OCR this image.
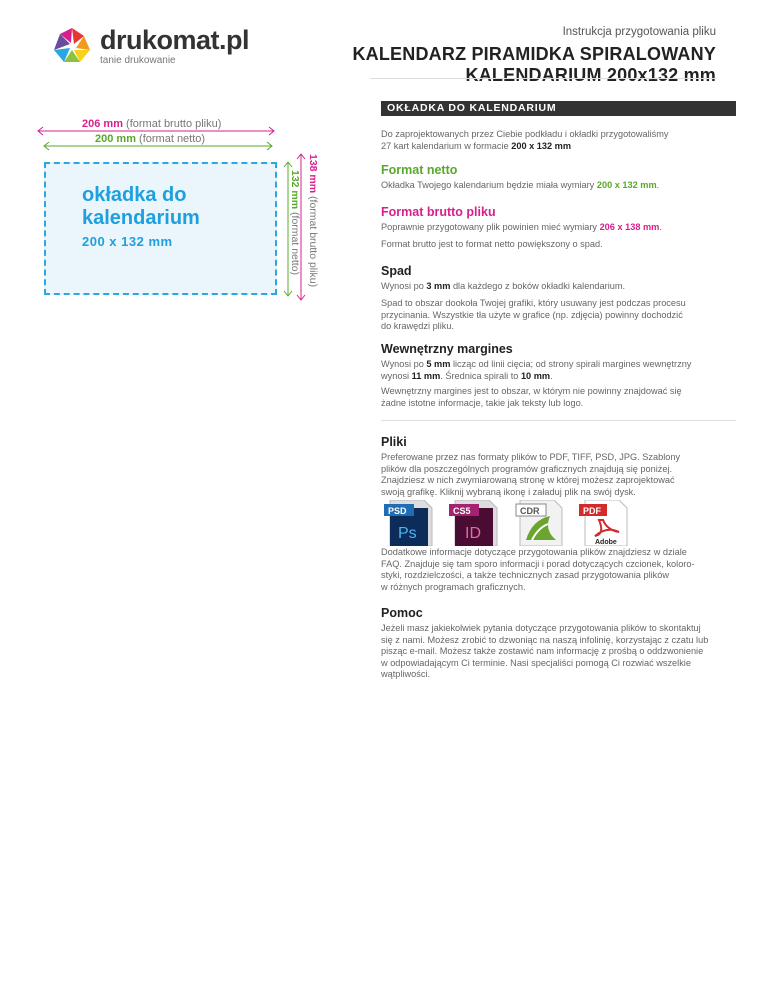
drukomat.pl
tanie drukowanie
Instrukcja przygotowania pliku
KALENDARZ PIRAMIDKA SPIRALOWANY
KALENDARIUM 200x132 mm
206 mm (format brutto pliku)
200 mm (format netto)
okładka do
kalendarium
200 x 132 mm
132 mm (format netto)
138 mm (format brutto pliku)
OKŁADKA DO KALENDARIUM

Do zaprojektowanych przez Ciebie podkładu i okładki przygotowaliśmy
27 kart kalendarium w formacie 200 x 132 mm

Format netto

Okładka Twojego kalendarium będzie miała wymiary 200 x 132 mm.

Format brutto pliku

Poprawnie przygotowany plik powinien mieć wymiary 206 x 138 mm.

Format brutto jest to format netto powiększony o spad.

Spad

Wynosi po 3 mm dla każdego z boków okładki kalendarium.

Spad to obszar dookoła Twojej grafiki, który usuwany jest podczas procesu
przycinania. Wszystkie tła użyte w grafice (np. zdjęcia) powinny dochodzić
do krawędzi pliku.

Wewnętrzny margines

Wynosi po 5 mm licząc od linii cięcia; od strony spirali margines wewnętrzny
wynosi 11 mm. Średnica spirali to 10 mm.

Wewnętrzny margines jest to obszar, w którym nie powinny znajdować się
żadne istotne informacje, takie jak teksty lub logo.

Pliki

Preferowane przez nas formaty plików to PDF, TIFF, PSD, JPG. Szablony
plików dla poszczególnych programów graficznych znajdują się poniżej.
Znajdziesz w nich zwymiarowaną stronę w której możesz zaprojektować
swoją grafikę. Kliknij wybraną ikonę i załaduj plik na swój dysk.

PSD
Ps
CS5
ID
CDR	PDF
Adobe

Dodatkowe informacje dotyczące przygotowania plików znajdziesz w dziale
FAQ. Znajduje się tam sporo informacji i porad dotyczących czcionek, koloro-
styki, rozdzielczości, a także technicznych zasad przygotowania plików
w różnych programach graficznych.

Pomoc

Jeżeli masz jakiekolwiek pytania dotyczące przygotowania plików to skontaktuj
się z nami. Możesz zrobić to dzwoniąc na naszą infolinię, korzystając z czatu lub
pisząc e-mail. Możesz także zostawić nam informację z prośbą o oddzwonienie
w odpowiadającym Ci terminie. Nasi specjaliści pomogą Ci rozwiać wszelkie
wątpliwości.
